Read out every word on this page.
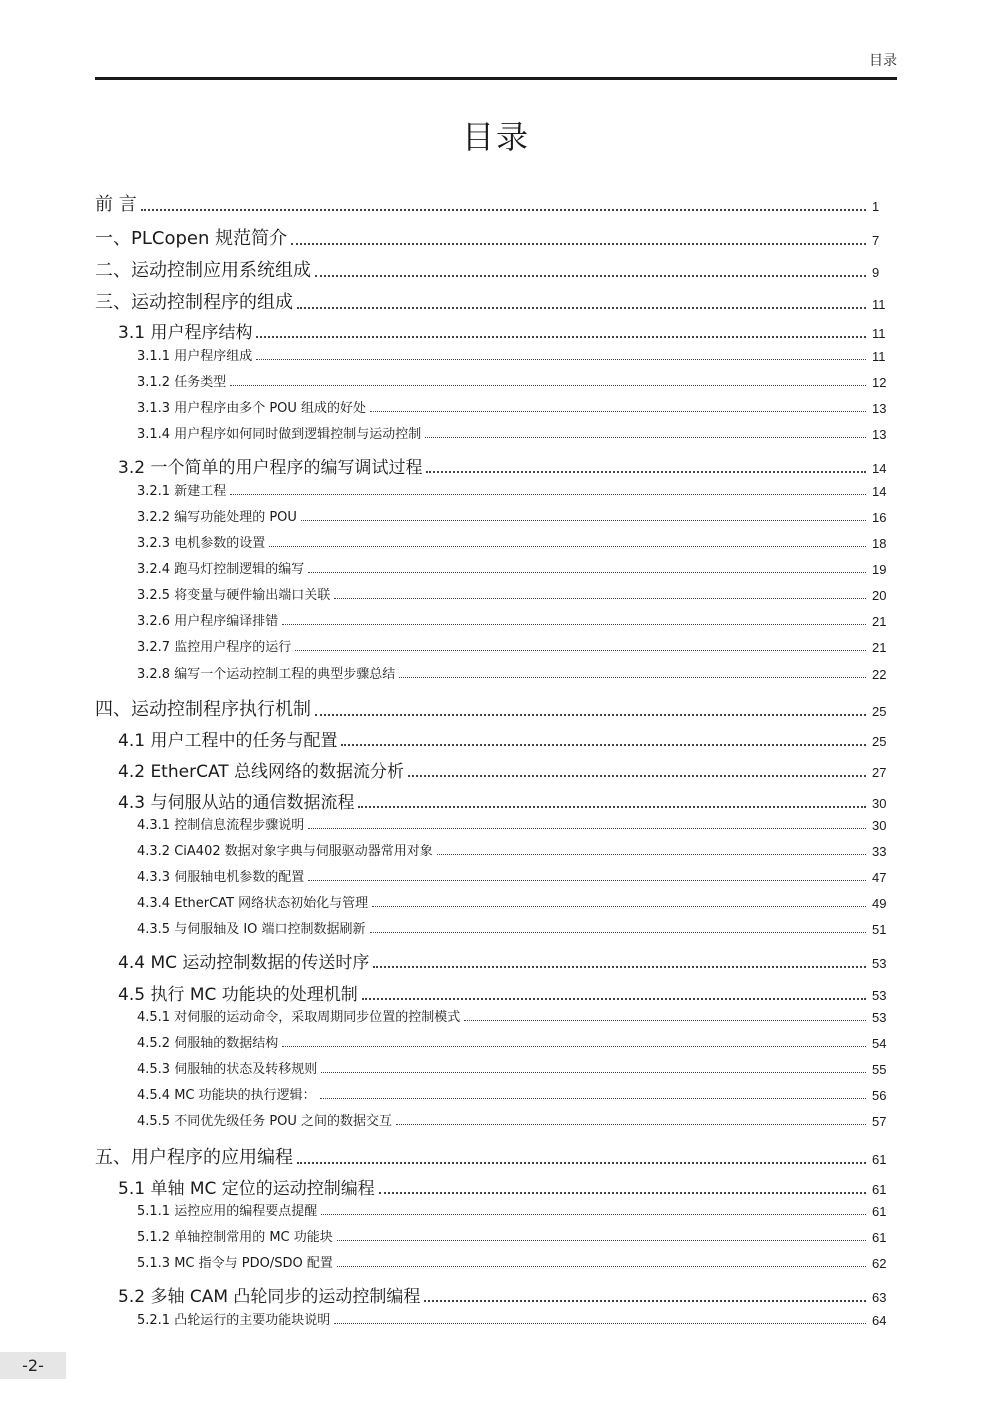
目录
目录
前 言	1
一、PLCopen 规范简介	7
二、运动控制应用系统组成	9
三、运动控制程序的组成	11
3.1 用户程序结构	11
3.1.1 用户程序组成	11
3.1.2 任务类型	12
3.1.3 用户程序由多个 POU 组成的好处	13
3.1.4 用户程序如何同时做到逻辑控制与运动控制	13
3.2 一个简单的用户程序的编写调试过程	14
3.2.1 新建工程	14
3.2.2 编写功能处理的 POU	16
3.2.3 电机参数的设置	18
3.2.4 跑马灯控制逻辑的编写	19
3.2.5 将变量与硬件输出端口关联	20
3.2.6 用户程序编译排错	21
3.2.7 监控用户程序的运行	21
3.2.8 编写一个运动控制工程的典型步骤总结	22
四、运动控制程序执行机制	25
4.1 用户工程中的任务与配置	25
4.2 EtherCAT 总线网络的数据流分析	27
4.3 与伺服从站的通信数据流程	30
4.3.1 控制信息流程步骤说明	30
4.3.2 CiA402 数据对象字典与伺服驱动器常用对象	33
4.3.3 伺服轴电机参数的配置	47
4.3.4 EtherCAT 网络状态初始化与管理	49
4.3.5 与伺服轴及 IO 端口控制数据刷新	51
4.4 MC 运动控制数据的传送时序	53
4.5 执行 MC 功能块的处理机制	53
4.5.1 对伺服的运动命令，采取周期同步位置的控制模式	53
4.5.2 伺服轴的数据结构	54
4.5.3 伺服轴的状态及转移规则	55
4.5.4 MC 功能块的执行逻辑：	56
4.5.5 不同优先级任务 POU 之间的数据交互	57
五、用户程序的应用编程	61
5.1 单轴 MC 定位的运动控制编程	61
5.1.1 运控应用的编程要点提醒	61
5.1.2 单轴控制常用的 MC 功能块	61
5.1.3 MC 指令与 PDO/SDO 配置	62
5.2 多轴 CAM 凸轮同步的运动控制编程	63
5.2.1 凸轮运行的主要功能块说明	64
-2-
